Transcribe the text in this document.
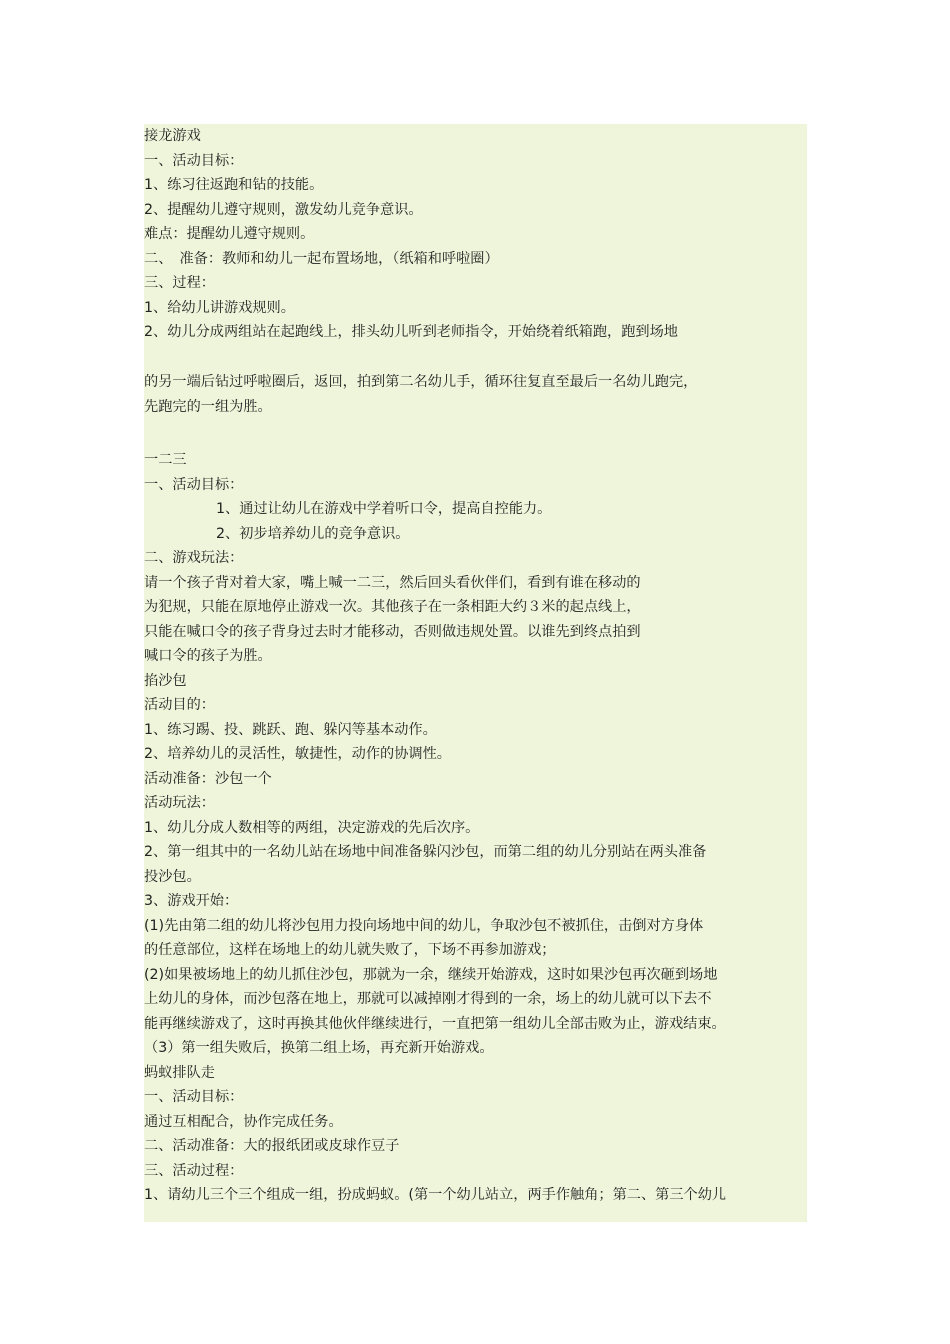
接龙游戏
一、活动目标：
1、练习往返跑和钻的技能。
2、提醒幼儿遵守规则，激发幼儿竞争意识。
难点：提醒幼儿遵守规则。
二、　准备：教师和幼儿一起布置场地，（纸箱和呼啦圈）
三、过程：
1、给幼儿讲游戏规则。
2、幼儿分成两组站在起跑线上，排头幼儿听到老师指令，开始绕着纸箱跑，跑到场地
的另一端后钻过呼啦圈后，返回，拍到第二名幼儿手，循环往复直至最后一名幼儿跑完，
先跑完的一组为胜。
一二三
一、活动目标：
1、通过让幼儿在游戏中学着听口令，提高自控能力。
2、初步培养幼儿的竞争意识。
二、游戏玩法：
请一个孩子背对着大家，嘴上喊一二三，然后回头看伙伴们，看到有谁在移动的
为犯规，只能在原地停止游戏一次。其他孩子在一条相距大约３米的起点线上，
只能在喊口令的孩子背身过去时才能移动，否则做违规处置。以谁先到终点拍到
喊口令的孩子为胜。
掐沙包
活动目的：
1、练习踢、投、跳跃、跑、躲闪等基本动作。
2、培养幼儿的灵活性，敏捷性，动作的协调性。
活动准备：沙包一个
活动玩法：
1、幼儿分成人数相等的两组，决定游戏的先后次序。
2、第一组其中的一名幼儿站在场地中间准备躲闪沙包，而第二组的幼儿分别站在两头准备
投沙包。
3、游戏开始：
(1)先由第二组的幼儿将沙包用力投向场地中间的幼儿，争取沙包不被抓住，击倒对方身体
的任意部位，这样在场地上的幼儿就失败了，下场不再参加游戏；
(2)如果被场地上的幼儿抓住沙包，那就为一余，继续开始游戏，这时如果沙包再次砸到场地
上幼儿的身体，而沙包落在地上，那就可以减掉刚才得到的一余，场上的幼儿就可以下去不
能再继续游戏了，这时再换其他伙伴继续进行，一直把第一组幼儿全部击败为止，游戏结束。
（3）第一组失败后，换第二组上场，再充新开始游戏。
蚂蚁排队走
一、活动目标：
通过互相配合，协作完成任务。
二、活动准备：大的报纸团或皮球作豆子
三、活动过程：
1、请幼儿三个三个组成一组，扮成蚂蚁。(第一个幼儿站立，两手作触角；第二、第三个幼儿
